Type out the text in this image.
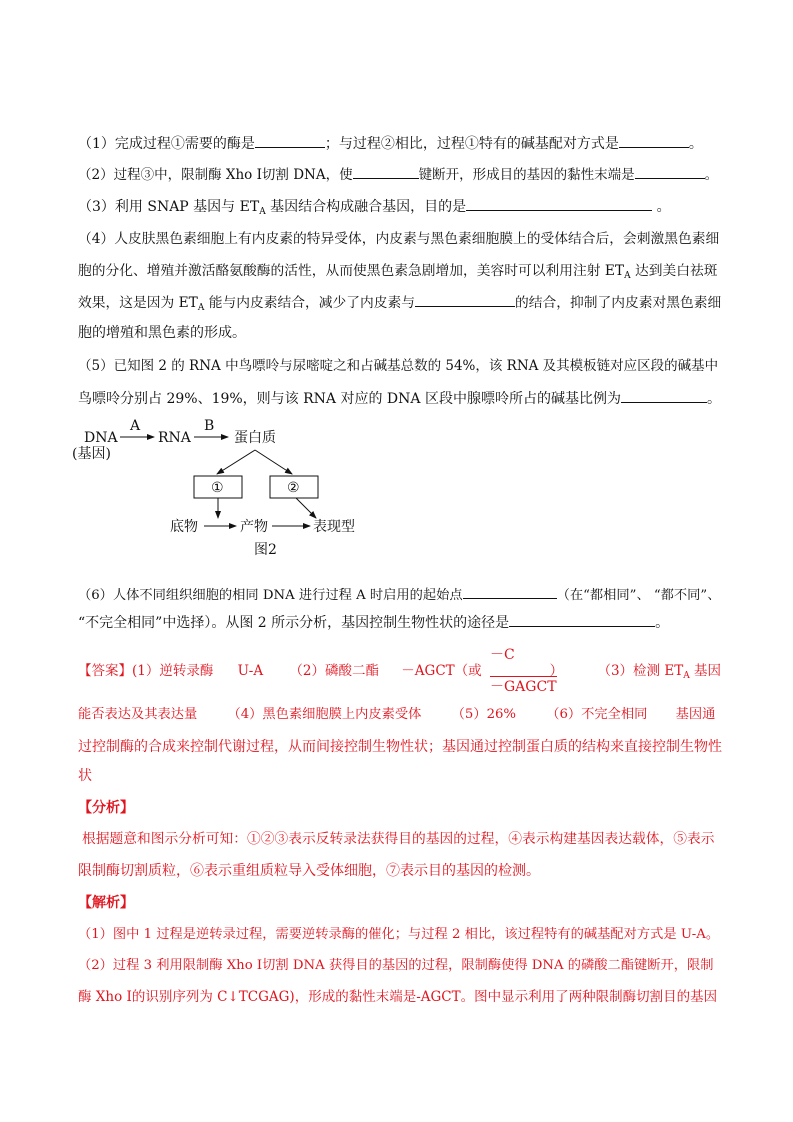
（1）完成过程①需要的酶是	；与过程②相比，过程①特有的碱基配对方式是	。
（2）过程③中，限制酶 Xho Ⅰ切割 DNA，使	键断开，形成目的基因的黏性末端是	。
（3）利用 SNAP 基因与 $ET_A$ 基因结合构成融合基因，目的是	。
（4）人皮肤黑色素细胞上有内皮素的特异受体，内皮素与黑色素细胞膜上的受体结合后，会刺激黑色素细
胞的分化、增殖并激活酪氨酸酶的活性，从而使黑色素急剧增加，美容时可以利用注射 $ET_A$ 达到美白祛斑
效果，这是因为 $ET_A$ 能与内皮素结合，减少了内皮素与	的结合，抑制了内皮素对黑色素细
胞的增殖和黑色素的形成。
（5）已知图 2 的 RNA 中鸟嘌呤与尿嘧啶之和占碱基总数的 54%，该 RNA 及其模板链对应区段的碱基中
鸟嘌呤分别占 29%、19%，则与该 RNA 对应的 DNA 区段中腺嘌呤所占的碱基比例为	。
DNA
(基因)
A
RNA
B
蛋白质
①	②
底物	产物	表现型
图2
（6）人体不同组织细胞的相同 DNA 进行过程 A 时启用的起始点	（在“都相同”、 “都不同”、
“不完全相同”中选择）。从图 2 所示分析，基因控制生物性状的途径是	。
【答案】(1）逆转录酶 U-A （2）磷酸二酯 －AGCT（或	）	（3）检测 $ET_A$ 基因
－C
－GAGCT
能否表达及其表达量 （4）黑色素细胞膜上内皮素受体 （5）26% （6）不完全相同 基因通
过控制酶的合成来控制代谢过程，从而间接控制生物性状；基因通过控制蛋白质的结构来直接控制生物性
状
【分析】
根据题意和图示分析可知：①②③表示反转录法获得目的基因的过程，④表示构建基因表达载体，⑤表示
限制酶切割质粒，⑥表示重组质粒导入受体细胞，⑦表示目的基因的检测。
【解析】
（1）图中 1 过程是逆转录过程，需要逆转录酶的催化；与过程 2 相比，该过程特有的碱基配对方式是 U-A。
（2）过程 3 利用限制酶 Xho Ⅰ切割 DNA 获得目的基因的过程，限制酶使得 DNA 的磷酸二酯键断开，限制
酶 Xho Ⅰ的识别序列为 C↓TCGAG)，形成的黏性末端是-AGCT。图中显示利用了两种限制酶切割目的基因
